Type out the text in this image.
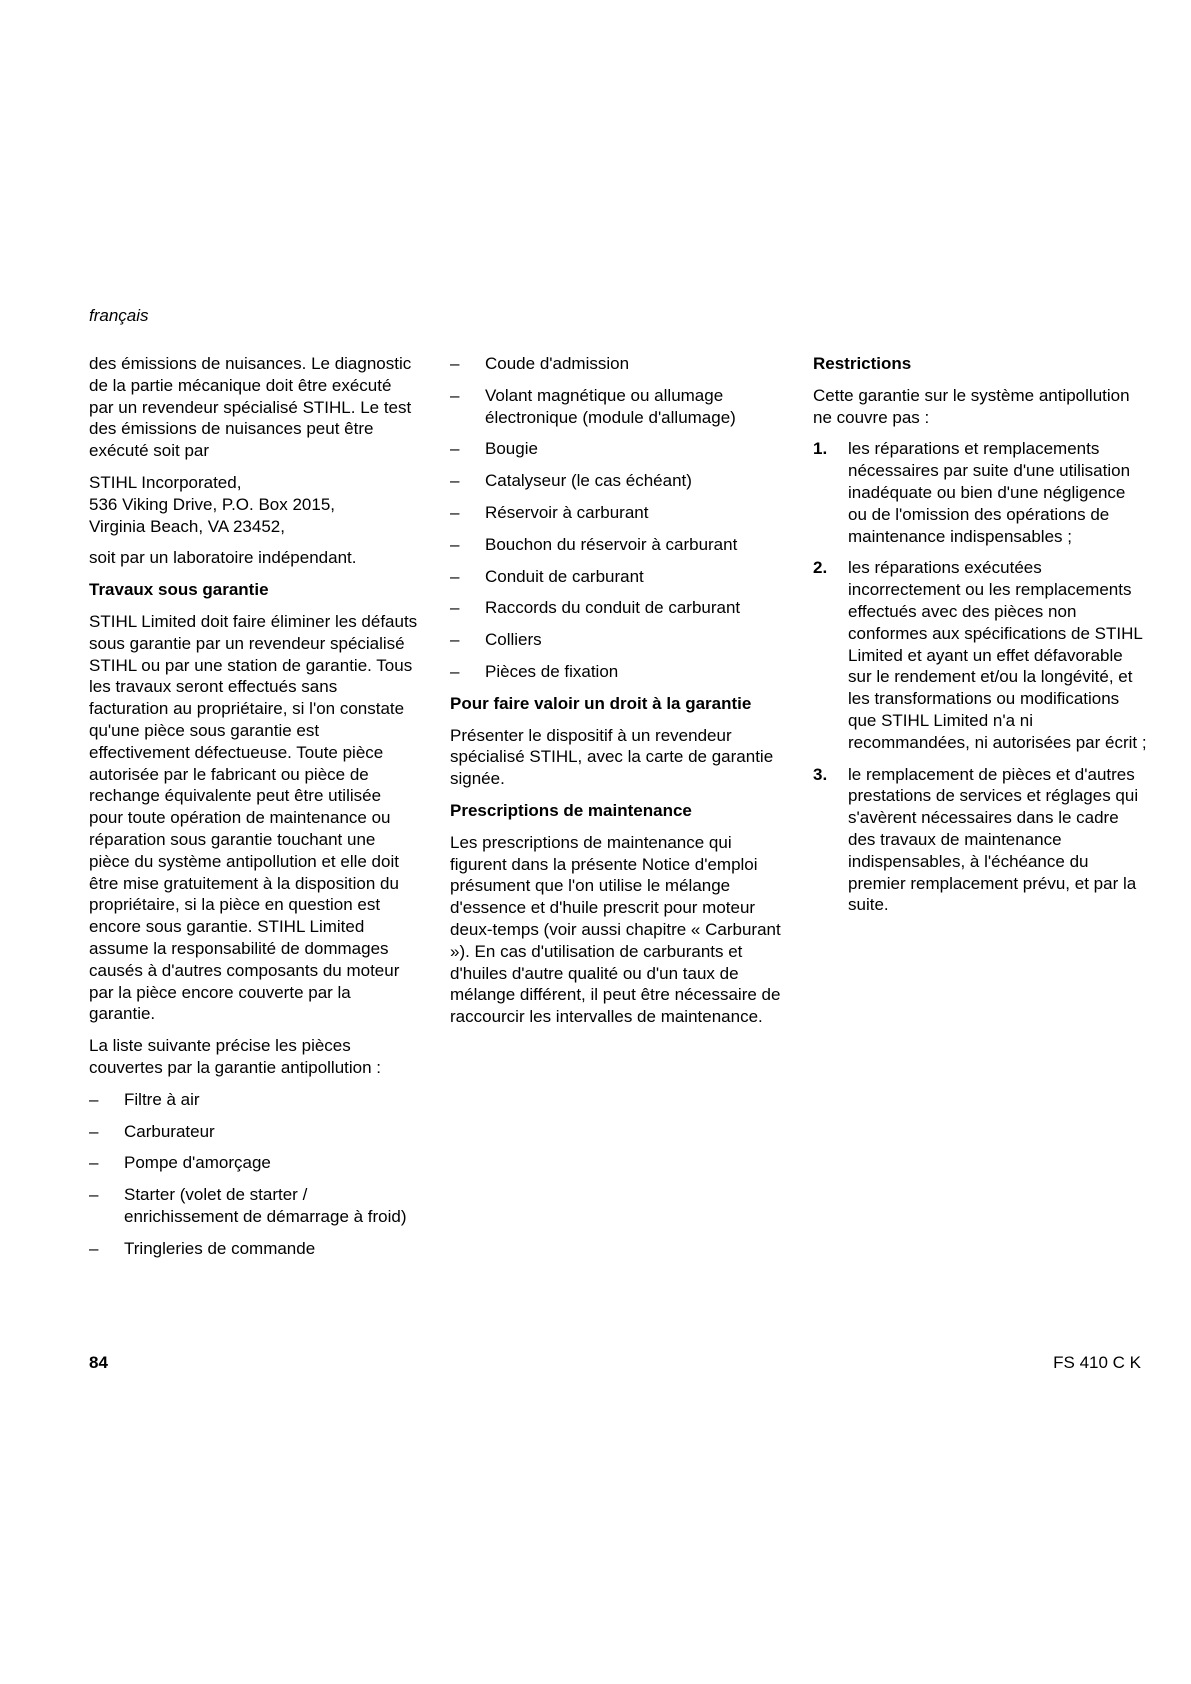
français

des émissions de nuisances. Le diagnostic de la partie mécanique doit être exécuté par un revendeur spécialisé STIHL. Le test des émissions de nuisances peut être exécuté soit par

STIHL Incorporated,
536 Viking Drive, P.O. Box 2015,
Virginia Beach, VA 23452,

soit par un laboratoire indépendant.

Travaux sous garantie

STIHL Limited doit faire éliminer les défauts sous garantie par un revendeur spécialisé STIHL ou par une station de garantie. Tous les travaux seront effectués sans facturation au propriétaire, si l'on constate qu'une pièce sous garantie est effectivement défectueuse. Toute pièce autorisée par le fabricant ou pièce de rechange équivalente peut être utilisée pour toute opération de maintenance ou réparation sous garantie touchant une pièce du système antipollution et elle doit être mise gratuitement à la disposition du propriétaire, si la pièce en question est encore sous garantie. STIHL Limited assume la responsabilité de dommages causés à d'autres composants du moteur par la pièce encore couverte par la garantie.

La liste suivante précise les pièces couvertes par la garantie antipollution :

– Filtre à air
– Carburateur
– Pompe d'amorçage
– Starter (volet de starter / enrichissement de démarrage à froid)
– Tringleries de commande
– Coude d'admission
– Volant magnétique ou allumage électronique (module d'allumage)
– Bougie
– Catalyseur (le cas échéant)
– Réservoir à carburant
– Bouchon du réservoir à carburant
– Conduit de carburant
– Raccords du conduit de carburant
– Colliers
– Pièces de fixation
Pour faire valoir un droit à la garantie

Présenter le dispositif à un revendeur spécialisé STIHL, avec la carte de garantie signée.

Prescriptions de maintenance

Les prescriptions de maintenance qui figurent dans la présente Notice d'emploi présument que l'on utilise le mélange d'essence et d'huile prescrit pour moteur deux-temps (voir aussi chapitre « Carburant »). En cas d'utilisation de carburants et d'huiles d'autre qualité ou d'un taux de mélange différent, il peut être nécessaire de raccourcir les intervalles de maintenance.

Restrictions

Cette garantie sur le système antipollution ne couvre pas :

1. les réparations et remplacements nécessaires par suite d'une utilisation inadéquate ou bien d'une négligence ou de l'omission des opérations de maintenance indispensables ;
2. les réparations exécutées incorrectement ou les remplacements effectués avec des pièces non conformes aux spécifications de STIHL Limited et ayant un effet défavorable sur le rendement et/ou la longévité, et les transformations ou modifications que STIHL Limited n'a ni recommandées, ni autorisées par écrit ;
3. le remplacement de pièces et d'autres prestations de services et réglages qui s'avèrent nécessaires dans le cadre des travaux de maintenance indispensables, à l'échéance du premier remplacement prévu, et par la suite.
84	FS 410 C K
